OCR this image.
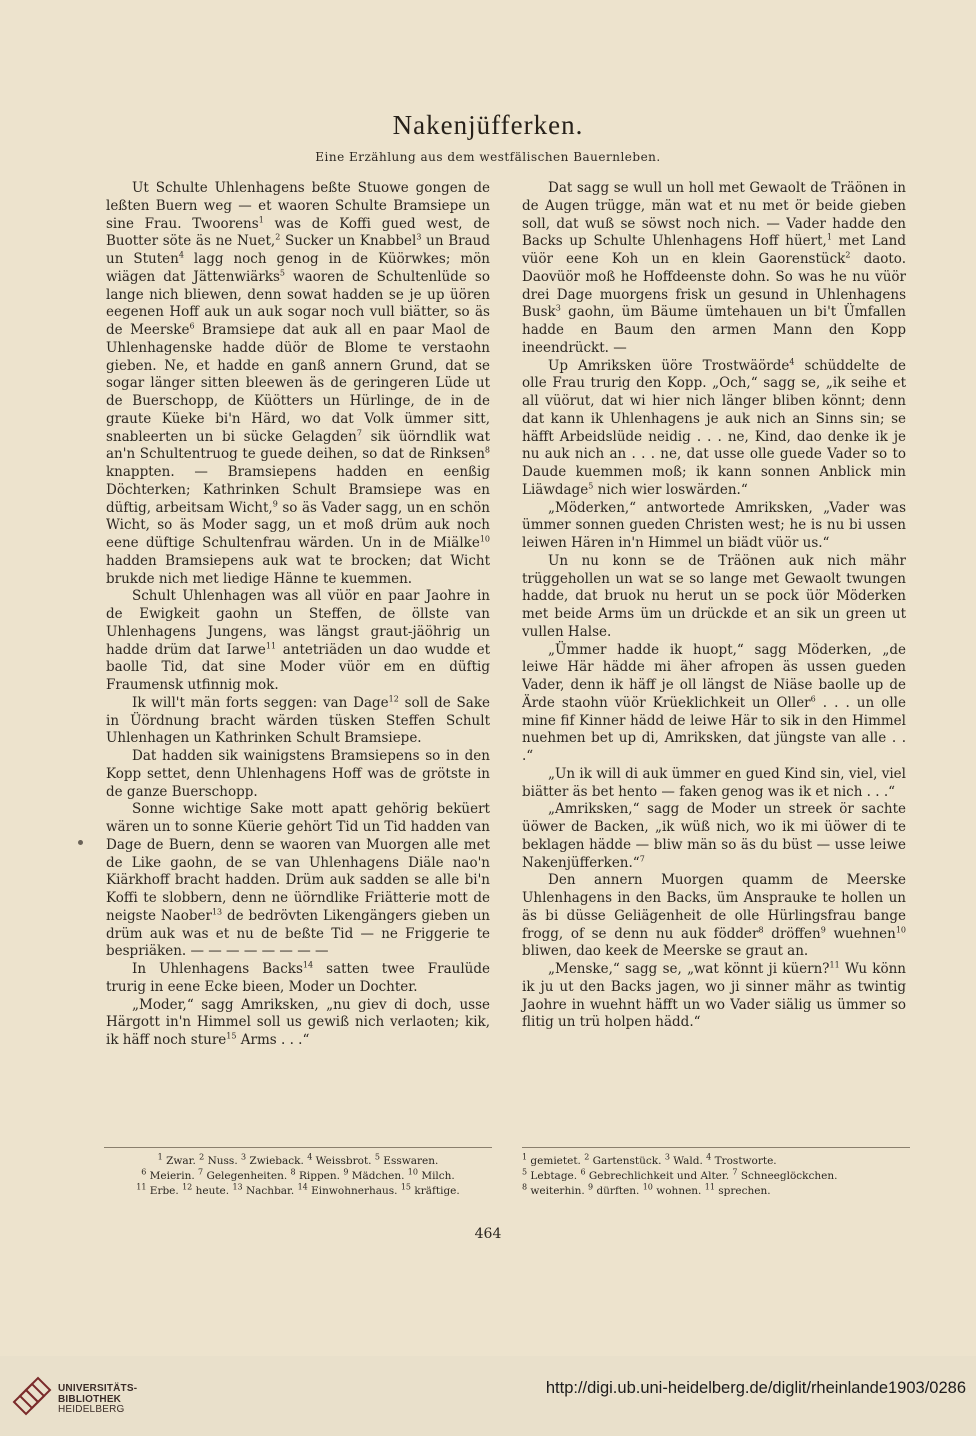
Nakenjüfferken.
Eine Erzählung aus dem westfälischen Bauernleben.

Ut Schulte Uhlenhagens beßte Stuowe gongen de leßten Buern weg — et waoren Schulte Bramsiepe un sine Frau. Twoorens$^1$ was de Koffi gued west, de Buotter söte äs ne Nuet,$^2$ Sucker un Knabbel$^3$ un Braud un Stuten$^4$ lagg noch genog in de Küörwkes; mön wiägen dat Jättenwiärks$^5$ waoren de Schultenlüde so lange nich bliewen, denn sowat hadden se je up üören eegenen Hoff auk un auk sogar noch vull biätter, so äs de Meerske$^6$ Bramsiepe dat auk all en paar Maol de Uhlenhagenske hadde düör de Blome te verstaohn gieben. Ne, et hadde en ganß annern Grund, dat se sogar länger sitten bleewen äs de geringeren Lüde ut de Buerschopp, de Küötters un Hürlinge, de in de graute Küeke bi'n Härd, wo dat Volk ümmer sitt, snableerten un bi sücke Gelagden$^7$ sik üörndlik wat an'n Schultentruog te guede deihen, so dat de Rinksen$^8$ knappten. — Bramsiepens hadden en eenßig Döchterken; Kathrinken Schult Bramsiepe was en düftig, arbeitsam Wicht,$^9$ so äs Vader sagg, un en schön Wicht, so äs Moder sagg, un et moß drüm auk noch eene düftige Schultenfrau wärden. Un in de Miälke$^{10}$ hadden Bramsiepens auk wat te brocken; dat Wicht brukde nich met liedige Hänne te kuemmen.

Schult Uhlenhagen was all vüör en paar Jaohre in de Ewigkeit gaohn un Steffen, de öllste van Uhlenhagens Jungens, was längst graut-jäöhrig un hadde drüm dat Iarwe$^{11}$ antetriäden un dao wudde et baolle Tid, dat sine Moder vüör em en düftig Fraumensk utfinnig mok.

Ik will't män forts seggen: van Dage$^{12}$ soll de Sake in Üördnung bracht wärden tüsken Steffen Schult Uhlenhagen un Kathrinken Schult Bramsiepe.

Dat hadden sik wainigstens Bramsiepens so in den Kopp settet, denn Uhlenhagens Hoff was de grötste in de ganze Buerschopp.

Sonne wichtige Sake mott apatt gehörig beküert wären un to sonne Küerie gehört Tid un Tid hadden van Dage de Buern, denn se waoren van Muorgen alle met de Like gaohn, de se van Uhlenhagens Diäle nao'n Kiärkhoff bracht hadden. Drüm auk sadden se alle bi'n Koffi te slobbern, denn ne üörndlike Friätterie mott de neigste Naober$^{13}$ de bedrövten Likengängers gieben un drüm auk was et nu de beßte Tid — ne Friggerie te bespriäken. — — — — — — — —

In Uhlenhagens Backs$^{14}$ satten twee Fraulüde trurig in eene Ecke bieen, Moder un Dochter.

„Moder,“ sagg Amriksken, „nu giev di doch, usse Härgott in'n Himmel soll us gewiß nich verlaoten; kik, ik häff noch sture$^{15}$ Arms . . .“

Dat sagg se wull un holl met Gewaolt de Träönen in de Augen trügge, män wat et nu met ör beide gieben soll, dat wuß se söwst noch nich. — Vader hadde den Backs up Schulte Uhlenhagens Hoff hüert,$^1$ met Land vüör eene Koh un en klein Gaorenstück$^2$ daoto. Daovüör moß he Hoffdeenste dohn. So was he nu vüör drei Dage muorgens frisk un gesund in Uhlenhagens Busk$^3$ gaohn, üm Bäume ümtehauen un bi't Ümfallen hadde en Baum den armen Mann den Kopp ineendrückt. —

Up Amriksken üöre Trostwäörde$^4$ schüddelte de olle Frau trurig den Kopp. „Och,“ sagg se, „ik seihe et all vüörut, dat wi hier nich länger bliben könnt; denn dat kann ik Uhlenhagens je auk nich an Sinns sin; se häfft Arbeidslüde neidig . . . ne, Kind, dao denke ik je nu auk nich an . . . ne, dat usse olle guede Vader so to Daude kuemmen moß; ik kann sonnen Anblick min Liäwdage$^5$ nich wier loswärden.“

„Möderken,“ antwortede Amriksken, „Vader was ümmer sonnen gueden Christen west; he is nu bi ussen leiwen Hären in'n Himmel un biädt vüör us.“

Un nu konn se de Träönen auk nich mähr trüggehollen un wat se so lange met Gewaolt twungen hadde, dat bruok nu herut un se pock üör Möderken met beide Arms üm un drückde et an sik un green ut vullen Halse.

„Ümmer hadde ik huopt,“ sagg Möderken, „de leiwe Här hädde mi äher afropen äs ussen gueden Vader, denn ik häff je oll längst de Niäse baolle up de Ärde staohn vüör Krüeklichkeit un Oller$^6$ . . . un olle mine fif Kinner hädd de leiwe Här to sik in den Himmel nuehmen bet up di, Amriksken, dat jüngste van alle . . .“

„Un ik will di auk ümmer en gued Kind sin, viel, viel biätter äs bet hento — faken genog was ik et nich . . .“

„Amriksken,“ sagg de Moder un streek ör sachte üöwer de Backen, „ik wüß nich, wo ik mi üöwer di te beklagen hädde — bliw män so äs du büst — usse leiwe Nakenjüfferken.“$^7$

Den annern Muorgen quamm de Meerske Uhlenhagens in den Backs, üm Ansprauke te hollen un äs bi düsse Geliägenheit de olle Hürlingsfrau bange frogg, of se denn nu auk födder$^8$ dröffen$^9$ wuehnen$^{10}$ bliwen, dao keek de Meerske se graut an.

„Menske,“ sagg se, „wat könnt ji küern?$^{11}$ Wu könn ik ju ut den Backs jagen, wo ji sinner mähr as twintig Jaohre in wuehnt häfft un wo Vader siälig us ümmer so flitig un trü holpen hädd.“

$^1$ Zwar. $^2$ Nuss. $^3$ Zwieback. $^4$ Weissbrot. $^5$ Esswaren.
$^6$ Meierin. $^7$ Gelegenheiten. $^8$ Rippen. $^9$ Mädchen. $^{10}$ Milch.
$^{11}$ Erbe. $^{12}$ heute. $^{13}$ Nachbar. $^{14}$ Einwohnerhaus. $^{15}$ kräftige.
$^1$ gemietet. $^2$ Gartenstück. $^3$ Wald. $^4$ Trostworte.
$^5$ Lebtage. $^6$ Gebrechlichkeit und Alter. $^7$ Schneeglöckchen.
$^8$ weiterhin. $^9$ dürften. $^{10}$ wohnen. $^{11}$ sprechen.
464
UNIVERSITÄTS-
BIBLIOTHEK
HEIDELBERG
http://digi.ub.uni-heidelberg.de/diglit/rheinlande1903/0286
